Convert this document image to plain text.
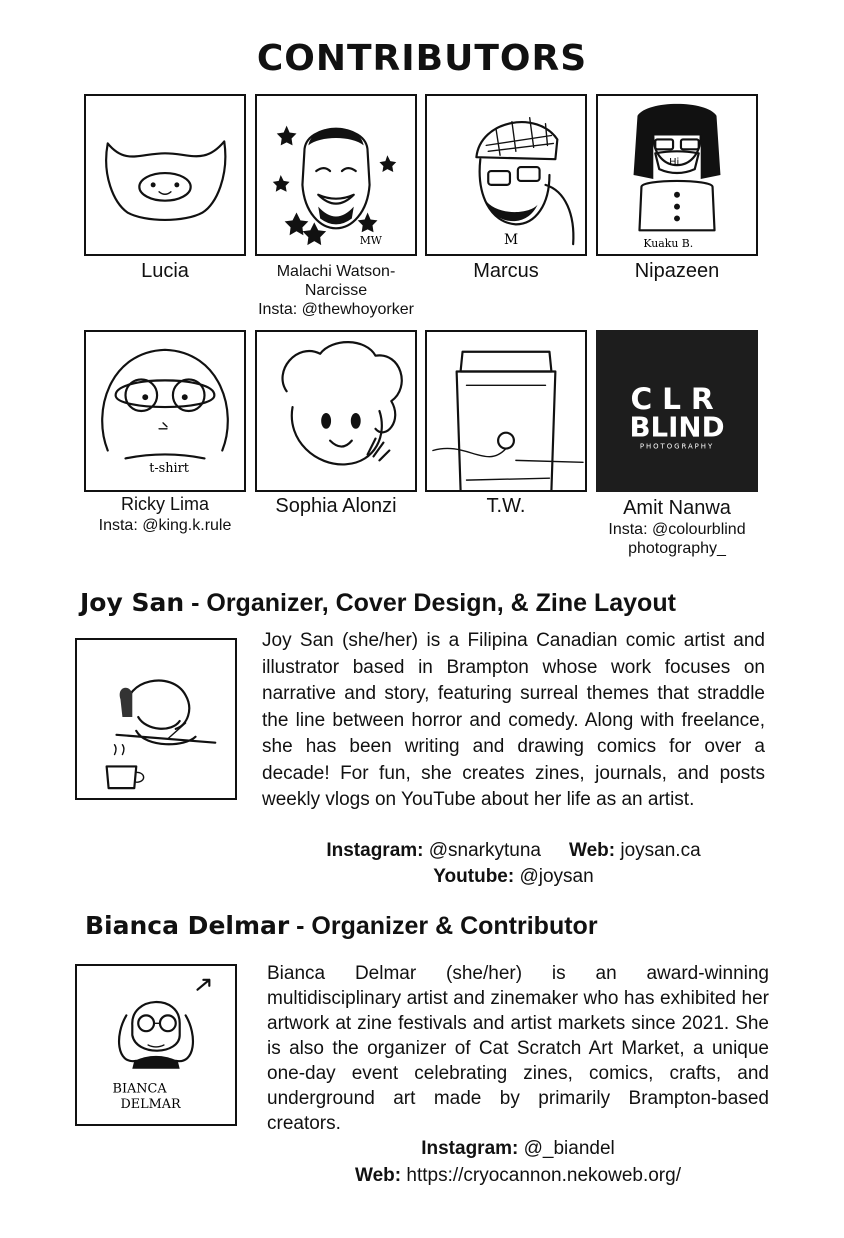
CONTRIBUTORS
Lucia
MW
Malachi Watson-Narcisse
Insta: @thewhoyorker
M
Marcus
Hi
Kuaku B.
Nipazeen
t-shirt
Ricky Lima
Insta: @king.k.rule
Sophia Alonzi	T.W.
CLR
BLIND
PHOTOGRAPHY
Amit Nanwa
Insta: @colourblind photography_
Joy San - Organizer, Cover Design, & Zine Layout
Joy San (she/her) is a Filipina Canadian comic artist and illustrator based in Brampton whose work focuses on narrative and story, featuring surreal themes that straddle the line between horror and comedy. Along with freelance, she has been writing and drawing comics for over a decade! For fun, she creates zines, journals, and posts weekly vlogs on YouTube about her life as an artist.
Instagram: @snarkytuna Web: joysan.ca
Youtube: @joysan
Bianca Delmar - Organizer & Contributor
BIANCA
DELMAR
Bianca Delmar (she/her) is an award-winning multidisciplinary artist and zinemaker who has exhibited her artwork at zine festivals and artist markets since 2021. She is also the organizer of Cat Scratch Art Market, a unique one-day event celebrating zines, comics, crafts, and underground art made by primarily Brampton-based creators.
Instagram: @_biandel
Web: https://cryocannon.nekoweb.org/
